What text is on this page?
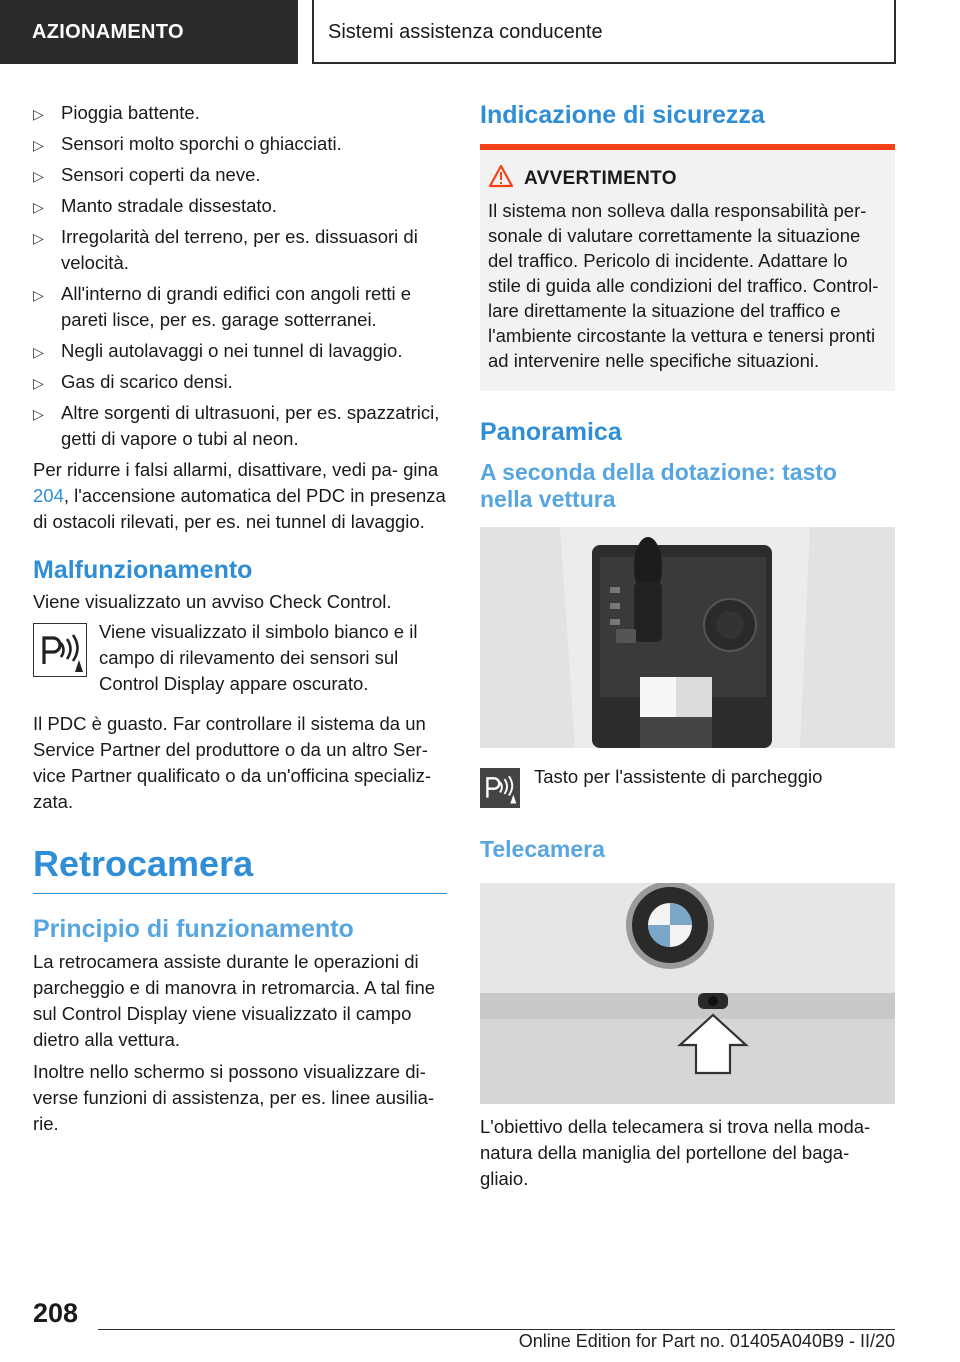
AZIONAMENTO	Sistemi assistenza conducente
▷ Pioggia battente.
▷ Sensori molto sporchi o ghiacciati.
▷ Sensori coperti da neve.
▷ Manto stradale dissestato.
▷ Irregolarità del terreno, per es. dissuasori di velocità.
▷ All'interno di grandi edifici con angoli retti e pareti lisce, per es. garage sotterranei.
▷ Negli autolavaggi o nei tunnel di lavaggio.
▷ Gas di scarico densi.
▷ Altre sorgenti di ultrasuoni, per es. spazzatrici, getti di vapore o tubi al neon.

Per ridurre i falsi allarmi, disattivare, vedi pa‐ gina 204, l'accensione automatica del PDC in presenza di ostacoli rilevati, per es. nei tunnel di lavaggio.

Malfunzionamento

Viene visualizzato un avviso Check Control.

Viene visualizzato il simbolo bianco e il campo di rilevamento dei sensori sul Control Display appare oscurato.

Il PDC è guasto. Far controllare il sistema da un Service Partner del produttore o da un altro Ser‐ vice Partner qualificato o da un'officina specializ‐ zata.

Retrocamera
Principio di funzionamento

La retrocamera assiste durante le operazioni di parcheggio e di manovra in retromarcia. A tal fine sul Control Display viene visualizzato il campo dietro alla vettura.

Inoltre nello schermo si possono visualizzare di‐ verse funzioni di assistenza, per es. linee ausilia‐ rie.

Indicazione di sicurezza
AVVERTIMENTO

Il sistema non solleva dalla responsabilità per‐ sonale di valutare correttamente la situazione del traffico. Pericolo di incidente. Adattare lo stile di guida alle condizioni del traffico. Control‐ lare direttamente la situazione del traffico e l'ambiente circostante la vettura e tenersi pronti ad intervenire nelle specifiche situazioni.

Panoramica
A seconda della dotazione: tasto nella vettura

Tasto per l'assistente di parcheggio

Telecamera

L'obiettivo della telecamera si trova nella moda‐ natura della maniglia del portellone del baga‐ gliaio.

208
Online Edition for Part no. 01405A040B9 - II/20
